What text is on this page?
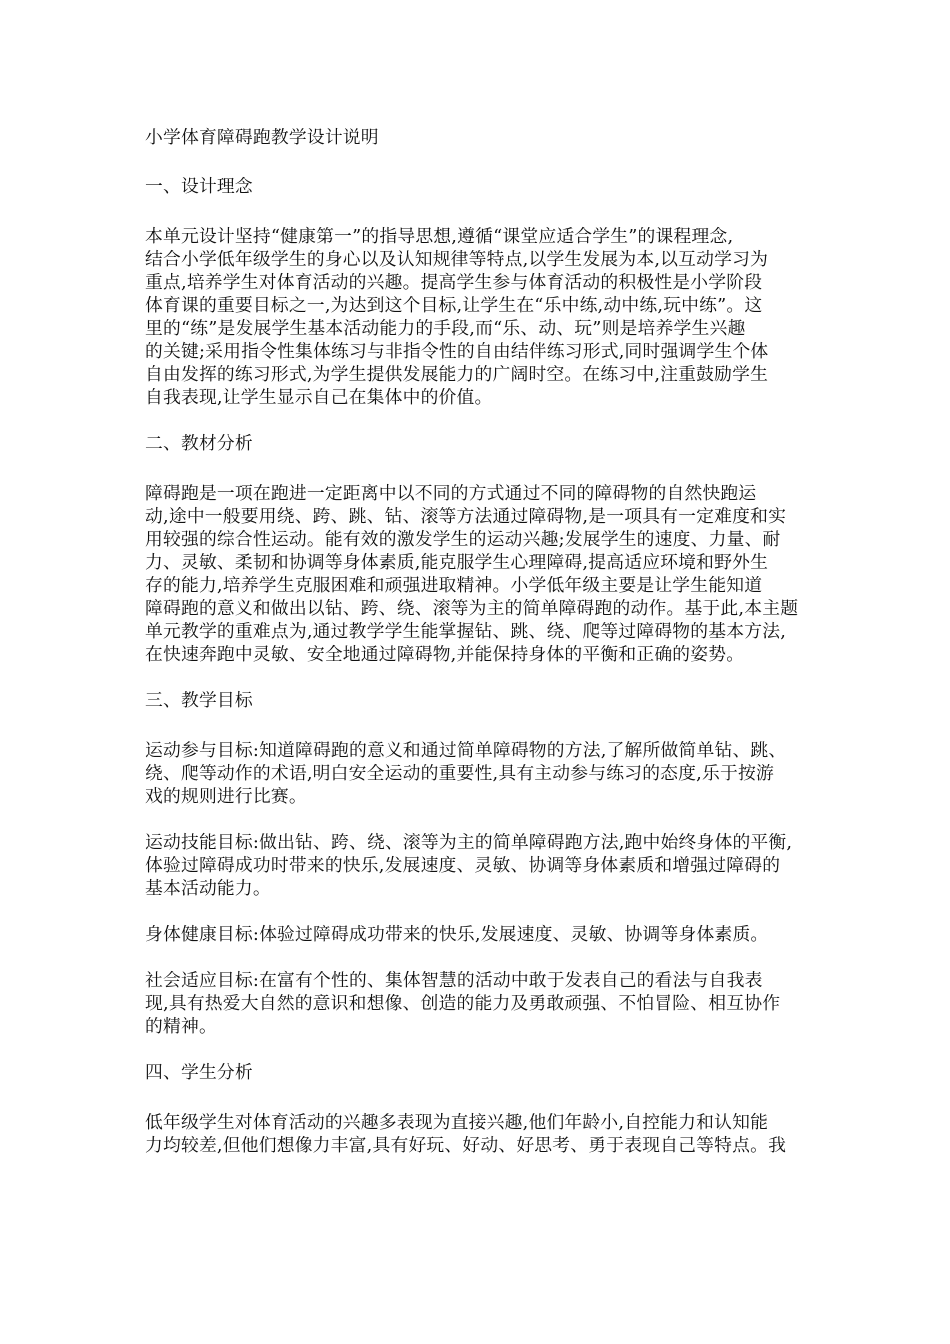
小学体育障碍跑教学设计说明
一、设计理念
本单元设计坚持“健康第一”的指导思想,遵循“课堂应适合学生”的课程理念,
结合小学低年级学生的身心以及认知规律等特点,以学生发展为本,以互动学习为
重点,培养学生对体育活动的兴趣。提高学生参与体育活动的积极性是小学阶段
体育课的重要目标之一,为达到这个目标,让学生在“乐中练,动中练,玩中练”。这
里的“练”是发展学生基本活动能力的手段,而“乐、动、玩”则是培养学生兴趣
的关键;采用指令性集体练习与非指令性的自由结伴练习形式,同时强调学生个体
自由发挥的练习形式,为学生提供发展能力的广阔时空。在练习中,注重鼓励学生
自我表现,让学生显示自己在集体中的价值。
二、教材分析
障碍跑是一项在跑进一定距离中以不同的方式通过不同的障碍物的自然快跑运
动,途中一般要用绕、跨、跳、钻、滚等方法通过障碍物,是一项具有一定难度和实
用较强的综合性运动。能有效的激发学生的运动兴趣;发展学生的速度、力量、耐
力、灵敏、柔韧和协调等身体素质,能克服学生心理障碍,提高适应环境和野外生
存的能力,培养学生克服困难和顽强进取精神。小学低年级主要是让学生能知道
障碍跑的意义和做出以钻、跨、绕、滚等为主的简单障碍跑的动作。基于此,本主题
单元教学的重难点为,通过教学学生能掌握钻、跳、绕、爬等过障碍物的基本方法,
在快速奔跑中灵敏、安全地通过障碍物,并能保持身体的平衡和正确的姿势。
三、教学目标
运动参与目标:知道障碍跑的意义和通过简单障碍物的方法,了解所做简单钻、跳、
绕、爬等动作的术语,明白安全运动的重要性,具有主动参与练习的态度,乐于按游
戏的规则进行比赛。
运动技能目标:做出钻、跨、绕、滚等为主的简单障碍跑方法,跑中始终身体的平衡,
体验过障碍成功时带来的快乐,发展速度、灵敏、协调等身体素质和增强过障碍的
基本活动能力。
身体健康目标:体验过障碍成功带来的快乐,发展速度、灵敏、协调等身体素质。
社会适应目标:在富有个性的、集体智慧的活动中敢于发表自己的看法与自我表
现,具有热爱大自然的意识和想像、创造的能力及勇敢顽强、不怕冒险、相互协作
的精神。
四、学生分析
低年级学生对体育活动的兴趣多表现为直接兴趣,他们年龄小,自控能力和认知能
力均较差,但他们想像力丰富,具有好玩、好动、好思考、勇于表现自己等特点。我
